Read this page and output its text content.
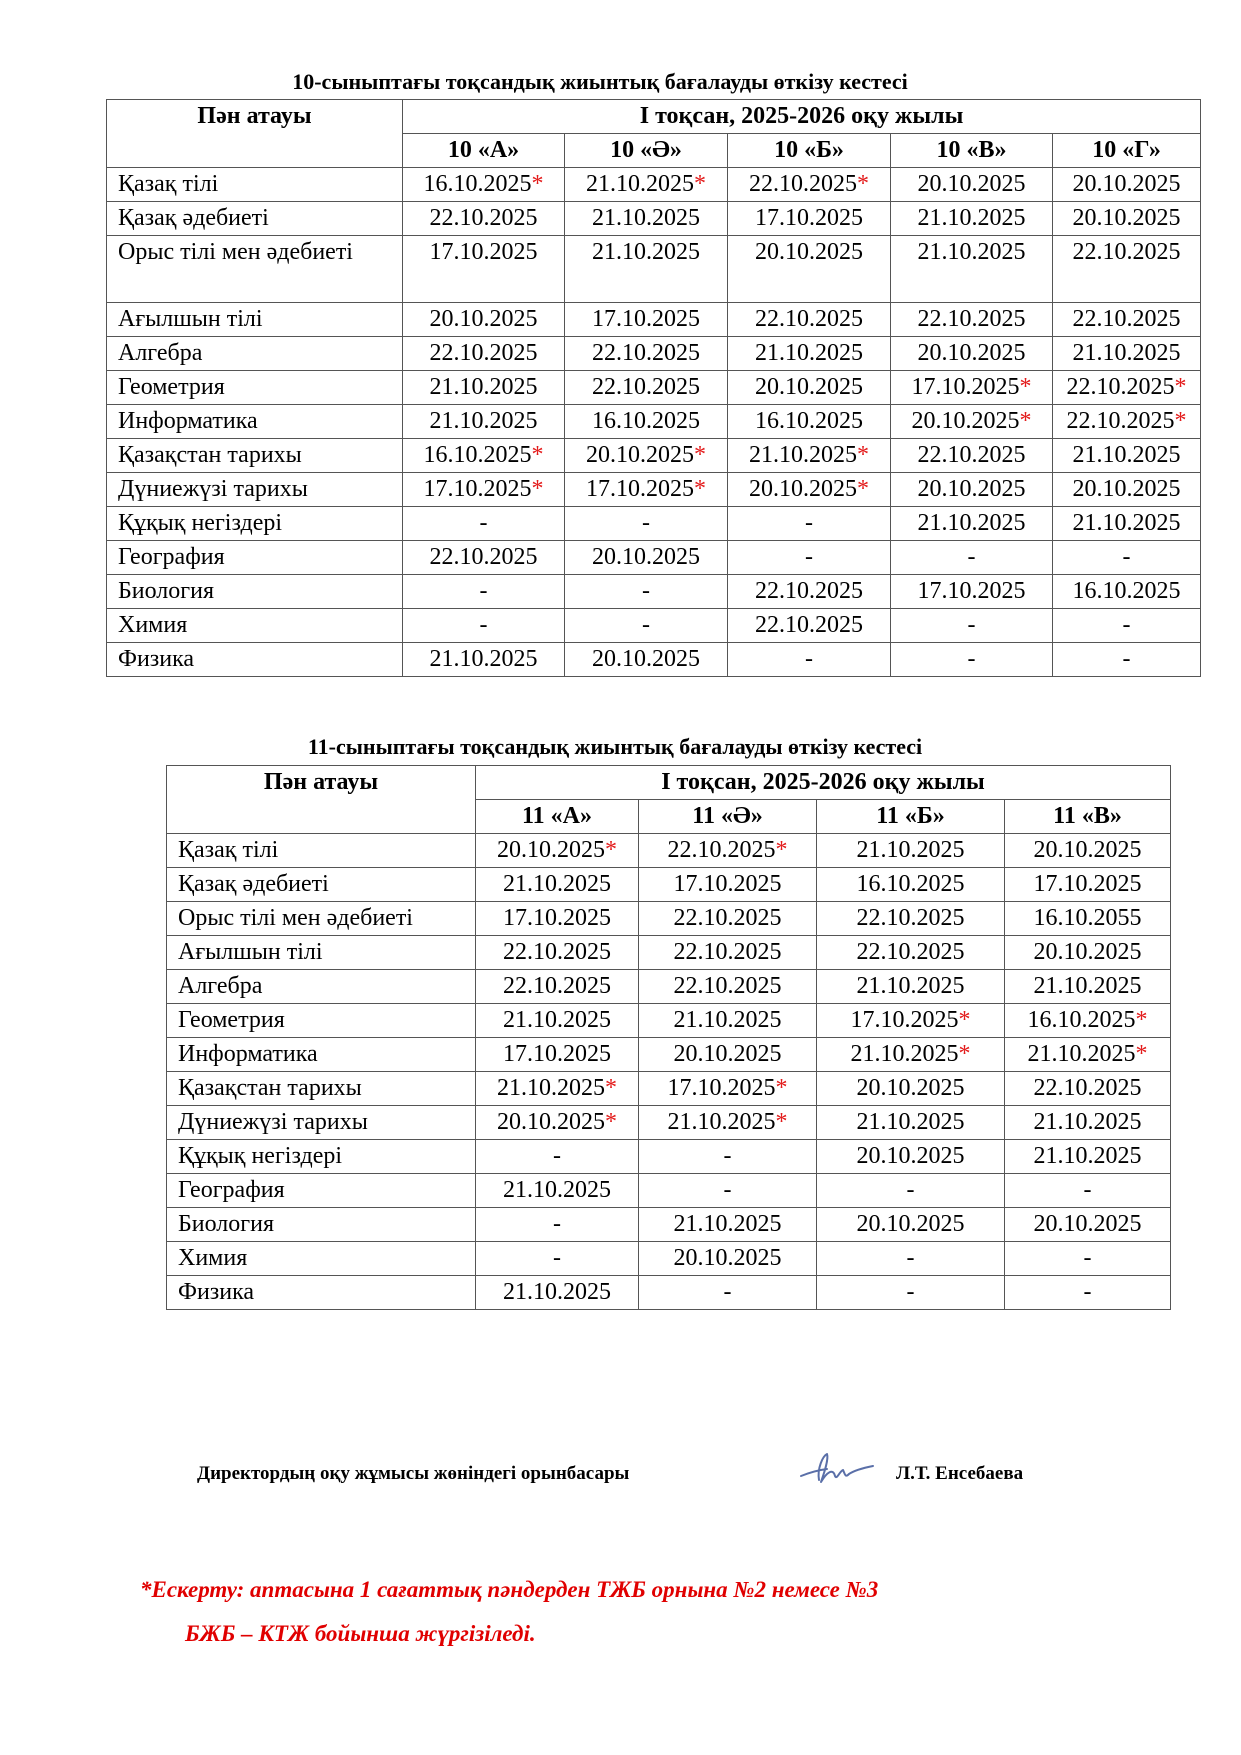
10-сыныптағы тоқсандық жиынтық бағалауды өткізу кестесі
Пән атауы	I тоқсан, 2025-2026 оқу жылы				
	10 «А»	10 «Ә»	10 «Б»	10 «В»	10 «Г»
Қазақ тілі	16.10.2025*	21.10.2025*	22.10.2025*	20.10.2025	20.10.2025
Қазақ әдебиеті	22.10.2025	21.10.2025	17.10.2025	21.10.2025	20.10.2025
Орыс тілі мен әдебиеті	17.10.2025	21.10.2025	20.10.2025	21.10.2025	22.10.2025
Ағылшын тілі	20.10.2025	17.10.2025	22.10.2025	22.10.2025	22.10.2025
Алгебра	22.10.2025	22.10.2025	21.10.2025	20.10.2025	21.10.2025
Геометрия	21.10.2025	22.10.2025	20.10.2025	17.10.2025*	22.10.2025*
Информатика	21.10.2025	16.10.2025	16.10.2025	20.10.2025*	22.10.2025*
Қазақстан тарихы	16.10.2025*	20.10.2025*	21.10.2025*	22.10.2025	21.10.2025
Дүниежүзі тарихы	17.10.2025*	17.10.2025*	20.10.2025*	20.10.2025	20.10.2025
Құқық негіздері	-	-	-	21.10.2025	21.10.2025
География	22.10.2025	20.10.2025	-	-	-
Биология	-	-	22.10.2025	17.10.2025	16.10.2025
Химия	-	-	22.10.2025	-	-
Физика	21.10.2025	20.10.2025	-	-	-
11-сыныптағы тоқсандық жиынтық бағалауды өткізу кестесі
Пән атауы	I тоқсан, 2025-2026 оқу жылы			
	11 «А»	11 «Ә»	11 «Б»	11 «В»
Қазақ тілі	20.10.2025*	22.10.2025*	21.10.2025	20.10.2025
Қазақ әдебиеті	21.10.2025	17.10.2025	16.10.2025	17.10.2025
Орыс тілі мен әдебиеті	17.10.2025	22.10.2025	22.10.2025	16.10.2055
Ағылшын тілі	22.10.2025	22.10.2025	22.10.2025	20.10.2025
Алгебра	22.10.2025	22.10.2025	21.10.2025	21.10.2025
Геометрия	21.10.2025	21.10.2025	17.10.2025*	16.10.2025*
Информатика	17.10.2025	20.10.2025	21.10.2025*	21.10.2025*
Қазақстан тарихы	21.10.2025*	17.10.2025*	20.10.2025	22.10.2025
Дүниежүзі тарихы	20.10.2025*	21.10.2025*	21.10.2025	21.10.2025
Құқық негіздері	-	-	20.10.2025	21.10.2025
География	21.10.2025	-	-	-
Биология	-	21.10.2025	20.10.2025	20.10.2025
Химия	-	20.10.2025	-	-
Физика	21.10.2025	-	-	-
Директордың оқу жұмысы жөніндегі орынбасары	Л.Т. Енсебаева
*Ескерту: аптасына 1 сағаттық пәндерден ТЖБ орнына №2 немесе №3
БЖБ – КТЖ бойынша жүргізіледі.
